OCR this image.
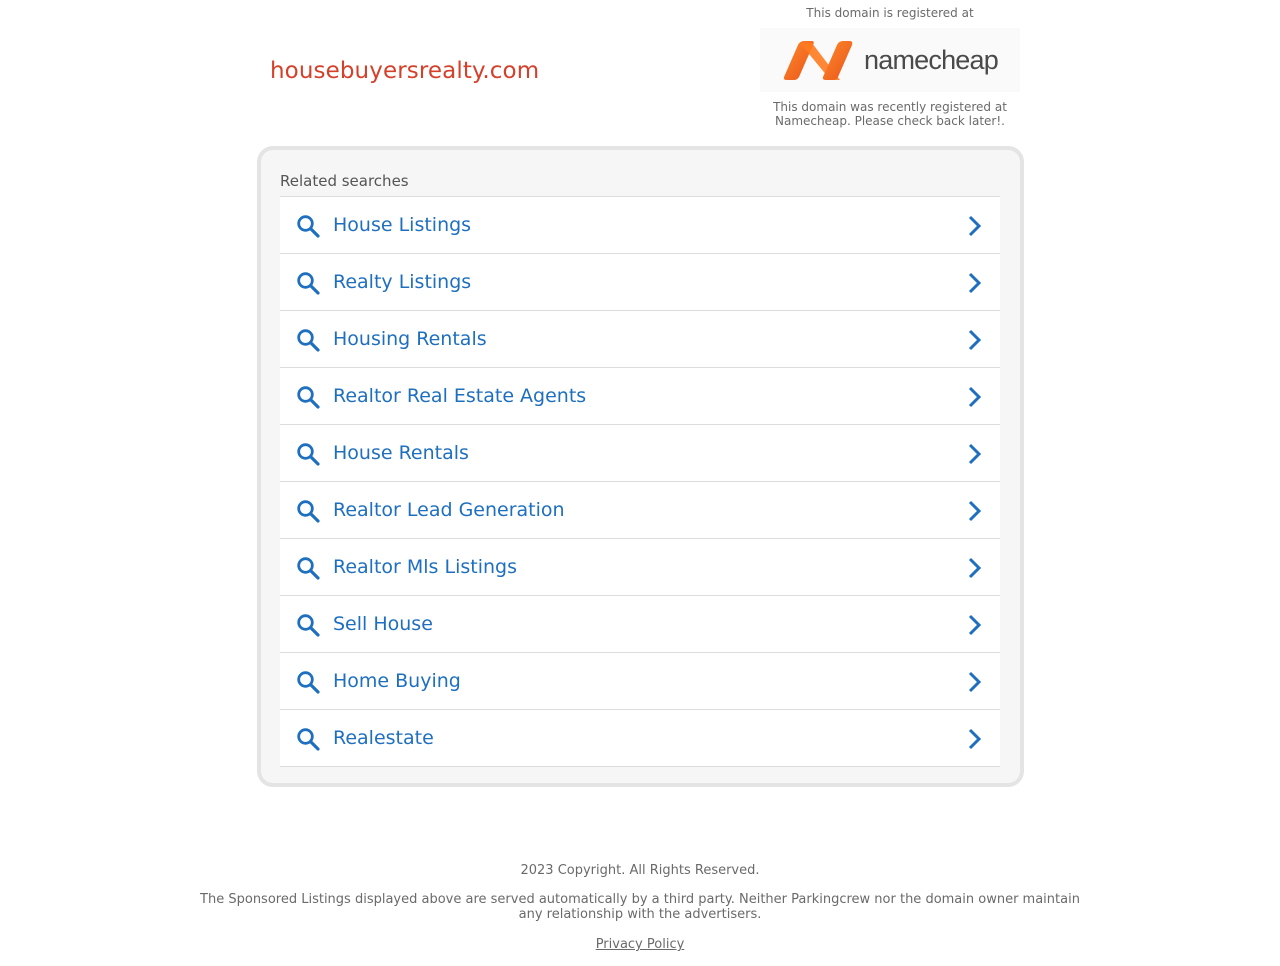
housebuyersrealty.com
This domain is registered at
namecheap
This domain was recently registered at Namecheap. Please check back later!.
Related searches
House Listings
Realty Listings
Housing Rentals
Realtor Real Estate Agents
House Rentals
Realtor Lead Generation
Realtor Mls Listings
Sell House
Home Buying
Realestate
2023 Copyright. All Rights Reserved.
The Sponsored Listings displayed above are served automatically by a third party. Neither Parkingcrew nor the domain owner maintain any relationship with the advertisers.
Privacy Policy
